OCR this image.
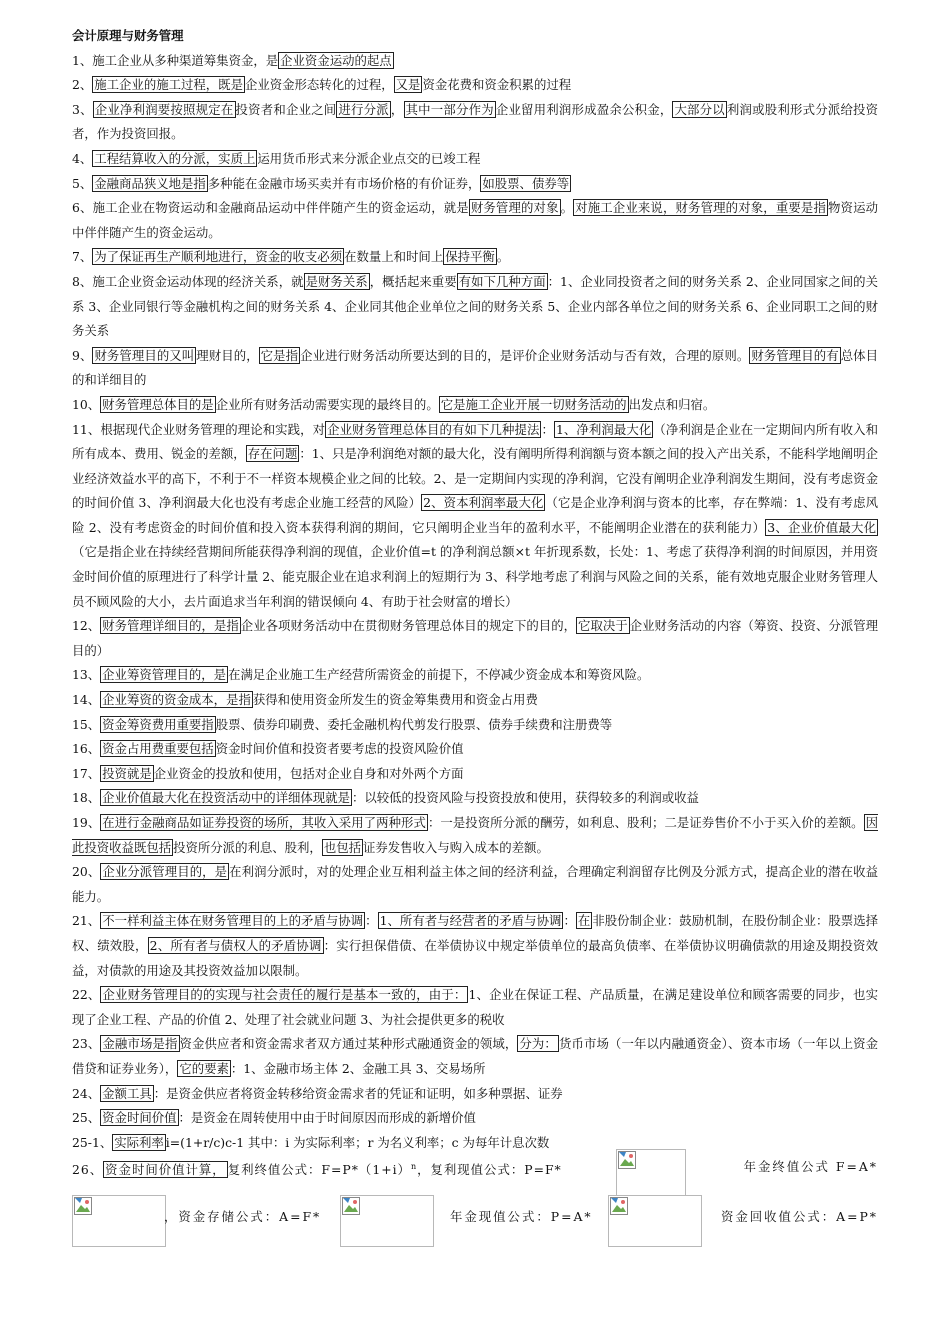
会计原理与财务管理
1、施工企业从多种渠道筹集资金，是 企业资金运动的起点
2、 施工企业的施工过程，既是 企业资金形态转化的过程， 又是 资金花费和资金积累的过程
3、 企业净利润要按照规定在 投资者和企业之间 进行分派 ， 其中一部分作为 企业留用利润形成盈余公积金， 大部分以 利润或股利形式分派给投资者，作为投资回报。
4、 工程结算收入的分派，实质上 运用货币形式来分派企业点交的已竣工程
5、 金融商品狭义地是指 多种能在金融市场买卖并有市场价格的有价证券， 如股票、债券等
6、施工企业在物资运动和金融商品运动中伴伴随产生的资金运动，就是 财务管理的对象 。 对施工企业来说，财务管理的对象，重要是指 物资运动中伴伴随产生的资金运动。
7、 为了保证再生产顺利地进行，资金的收支必须 在数量上和时间上 保持平衡 。
8、施工企业资金运动体现的经济关系，就 是财务关系 ，概括起来重要 有如下几种方面 ：1、企业同投资者之间的财务关系 2、企业同国家之间的关系 3、企业同银行等金融机构之间的财务关系 4、企业同其他企业单位之间的财务关系 5、企业内部各单位之间的财务关系 6、企业同职工之间的财务关系
9、 财务管理目的又叫 理财目的， 它是指 企业进行财务活动所要达到的目的，是评价企业财务活动与否有效，合理的原则。 财务管理目的有 总体目的和详细目的
10、 财务管理总体目的是 企业所有财务活动需要实现的最终目的。 它是施工企业开展一切财务活动的 出发点和归宿。
11、根据现代企业财务管理的理论和实践，对 企业财务管理总体目的有如下几种提法 ： 1、净利润最大化 （净利润是企业在一定期间内所有收入和所有成本、费用、锐金的差额， 存在问题 ：1、只是净利润绝对额的最大化，没有阐明所得利润额与资本额之间的投入产出关系，不能科学地阐明企业经济效益水平的高下，不利于不一样资本规模企业之间的比较。2、是一定期间内实现的净利润，它没有阐明企业净利润发生期间，没有考虑资金的时间价值 3、净利润最大化也没有考虑企业施工经营的风险） 2、资本利润率最大化 （它是企业净利润与资本的比率，存在弊端：1、没有考虑风险 2、没有考虑资金的时间价值和投入资本获得利润的期间，它只阐明企业当年的盈利水平，不能阐明企业潜在的获利能力） 3、企业价值最大化（它是指企业在持续经营期间所能获得净利润的现值，企业价值=t 的净利润总额×t 年折现系数，长处：1、考虑了获得净利润的时间原因，并用资金时间价值的原理进行了科学计量 2、能克服企业在追求利润上的短期行为 3、科学地考虑了利润与风险之间的关系，能有效地克服企业财务管理人员不顾风险的大小，去片面追求当年利润的错误倾向 4、有助于社会财富的增长）
12、 财务管理详细目的，是指 企业各项财务活动中在贯彻财务管理总体目的规定下的目的， 它取决于 企业财务活动的内容（筹资、投资、分派管理目的）
13、 企业筹资管理目的，是 在满足企业施工生产经营所需资金的前提下，不停减少资金成本和筹资风险。
14、 企业筹资的资金成本，是指 获得和使用资金所发生的资金筹集费用和资金占用费
15、 资金筹资费用重要指 股票、债券印刷费、委托金融机构代剪发行股票、债券手续费和注册费等
16、 资金占用费重要包括 资金时间价值和投资者要考虑的投资风险价值
17、 投资就是 企业资金的投放和使用，包括对企业自身和对外两个方面
18、 企业价值最大化在投资活动中的详细体现就是 ：以较低的投资风险与投资投放和使用，获得较多的利润或收益
19、 在进行金融商品如证券投资的场所，其收入采用了两种形式 ：一是投资所分派的酬劳，如利息、股利；二是证券售价不小于买入价的差额。 因此投资收益既包括 投资所分派的利息、股利， 也包括 证券发售收入与购入成本的差额。
20、 企业分派管理目的，是 在利润分派时，对的处理企业互相利益主体之间的经济利益，合理确定利润留存比例及分派方式，提高企业的潜在收益能力。
21、 不一样利益主体在财务管理目的上的矛盾与协调 ： 1、所有者与经营者的矛盾与协调 ： 在 非股份制企业：鼓励机制，在股份制企业：股票选择权、绩效股， 2、所有者与债权人的矛盾协调 ：实行担保借债、在举债协议中规定举债单位的最高负债率、在举债协议明确债款的用途及期投资效益，对债款的用途及其投资效益加以限制。
22、 企业财务管理目的的实现与社会责任的履行是基本一致的，由于： 1、企业在保证工程、产品质量，在满足建设单位和顾客需要的同步，也实现了企业工程、产品的价值 2、处理了社会就业问题 3、为社会提供更多的税收
23、 金融市场是指 资金供应者和资金需求者双方通过某种形式融通资金的领域， 分为： 货币市场（一年以内融通资金）、资本市场（一年以上资金借贷和证券业务）， 它的要素 ：1、金融市场主体 2、金融工具 3、交易场所
24、 金额工具 ：是资金供应者将资金转移给资金需求者的凭证和证明，如多种票据、证券
25、 资金时间价值 ：是资金在周转使用中由于时间原因而形成的新增价值
25-1、 实际利率 i=(1+r/c)c-1 其中：i 为实际利率；r 为名义利率；c 为每年计息次数
26、 资金时间价值计算， 复利终值公式：$F=P*(1+i)^n$，复利现值公式：P=F*	年金终值公式 F=A*
，资金存储公式：A=F*	年金现值公式：P=A*	资金回收值公式：A=P*
